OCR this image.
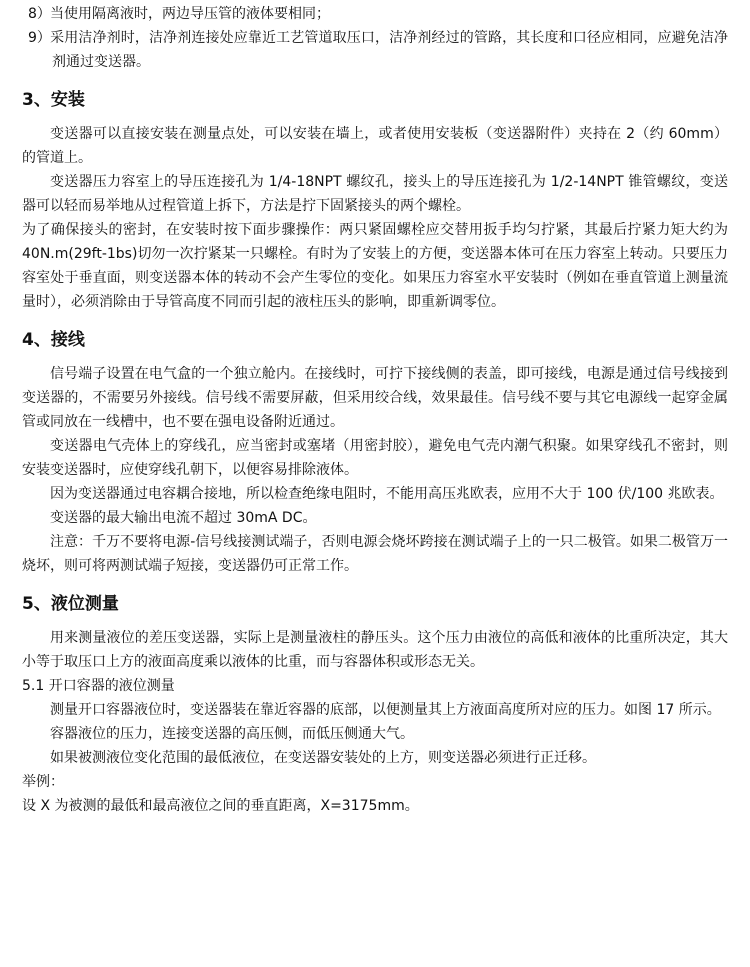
8）当使用隔离液时，两边导压管的液体要相同；

9）采用洁净剂时，洁净剂连接处应靠近工艺管道取压口，洁净剂经过的管路，其长度和口径应相同，应避免洁净剂通过变送器。

3、安装

变送器可以直接安装在测量点处，可以安装在墙上，或者使用安装板（变送器附件）夹持在 2（约 60mm）的管道上。

变送器压力容室上的导压连接孔为 1/4-18NPT 螺纹孔，接头上的导压连接孔为 1/2-14NPT 锥管螺纹，变送器可以轻而易举地从过程管道上拆下，方法是拧下固紧接头的两个螺栓。

为了确保接头的密封，在安装时按下面步骤操作：两只紧固螺栓应交替用扳手均匀拧紧，其最后拧紧力矩大约为 40N.m(29ft-1bs)切勿一次拧紧某一只螺栓。有时为了安装上的方便，变送器本体可在压力容室上转动。只要压力容室处于垂直面，则变送器本体的转动不会产生零位的变化。如果压力容室水平安装时（例如在垂直管道上测量流量时），必须消除由于导管高度不同而引起的液柱压头的影响，即重新调零位。

4、接线

信号端子设置在电气盒的一个独立舱内。在接线时，可拧下接线侧的表盖，即可接线，电源是通过信号线接到变送器的，不需要另外接线。信号线不需要屏蔽，但采用绞合线，效果最佳。信号线不要与其它电源线一起穿金属管或同放在一线槽中，也不要在强电设备附近通过。

变送器电气壳体上的穿线孔，应当密封或塞堵（用密封胶），避免电气壳内潮气积聚。如果穿线孔不密封，则安装变送器时，应使穿线孔朝下，以便容易排除液体。

因为变送器通过电容耦合接地，所以检查绝缘电阻时，不能用高压兆欧表，应用不大于 100 伏/100 兆欧表。

变送器的最大输出电流不超过 30mA DC。

注意：千万不要将电源-信号线接测试端子，否则电源会烧坏跨接在测试端子上的一只二极管。如果二极管万一烧坏，则可将两测试端子短接，变送器仍可正常工作。

5、液位测量

用来测量液位的差压变送器，实际上是测量液柱的静压头。这个压力由液位的高低和液体的比重所决定，其大小等于取压口上方的液面高度乘以液体的比重，而与容器体积或形态无关。

5.1 开口容器的液位测量

测量开口容器液位时，变送器装在靠近容器的底部，以便测量其上方液面高度所对应的压力。如图 17 所示。

容器液位的压力，连接变送器的高压侧，而低压侧通大气。

如果被测液位变化范围的最低液位，在变送器安装处的上方，则变送器必须进行正迁移。

举例：

设 X 为被测的最低和最高液位之间的垂直距离，X=3175mm。
